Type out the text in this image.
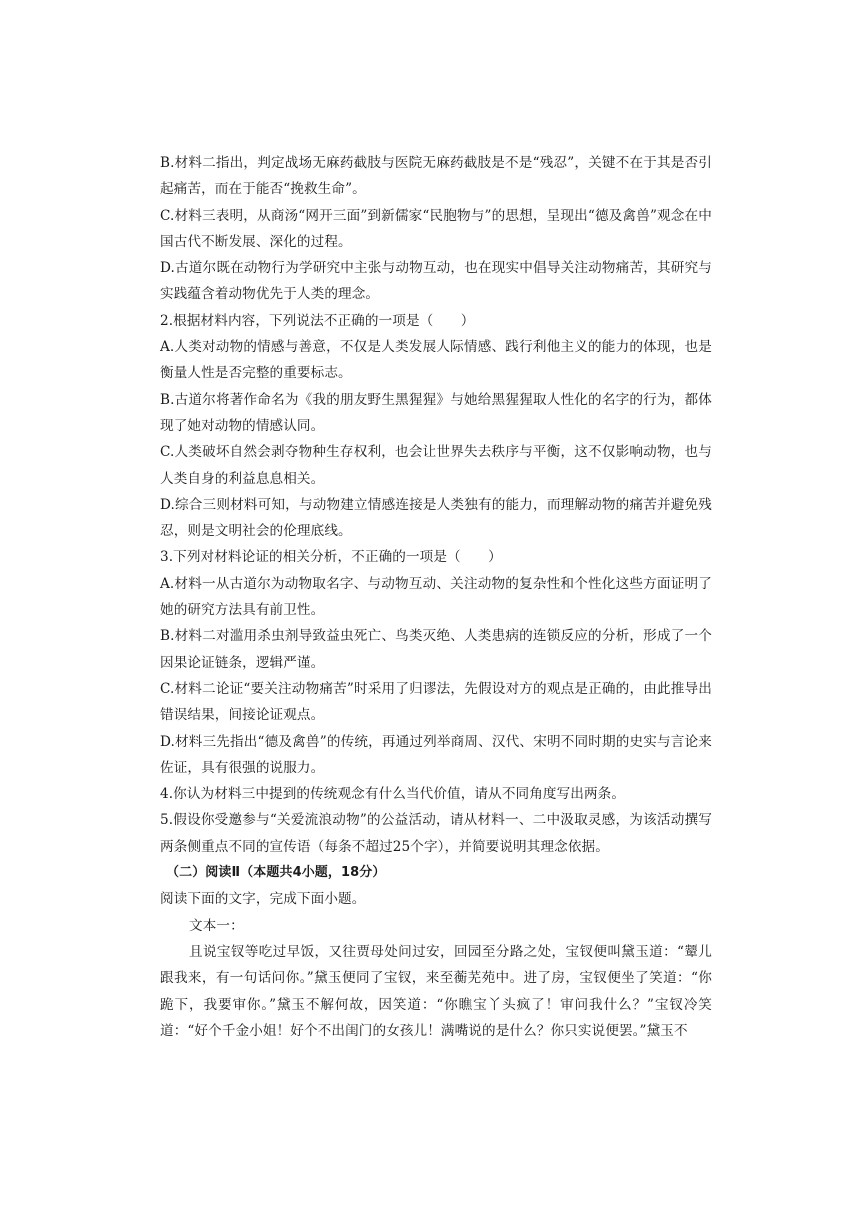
B.材料二指出，判定战场无麻药截肢与医院无麻药截肢是不是“残忍”，关键不在于其是否引起痛苦，而在于能否“挽救生命”。

C.材料三表明，从商汤“网开三面”到新儒家“民胞物与”的思想，呈现出“德及禽兽”观念在中国古代不断发展、深化的过程。

D.古道尔既在动物行为学研究中主张与动物互动，也在现实中倡导关注动物痛苦，其研究与实践蕴含着动物优先于人类的理念。

2.根据材料内容，下列说法不正确的一项是（　　）

A.人类对动物的情感与善意，不仅是人类发展人际情感、践行利他主义的能力的体现，也是衡量人性是否完整的重要标志。

B.古道尔将著作命名为《我的朋友野生黑猩猩》与她给黑猩猩取人性化的名字的行为，都体现了她对动物的情感认同。

C.人类破坏自然会剥夺物种生存权利，也会让世界失去秩序与平衡，这不仅影响动物，也与人类自身的利益息息相关。

D.综合三则材料可知，与动物建立情感连接是人类独有的能力，而理解动物的痛苦并避免残忍，则是文明社会的伦理底线。

3.下列对材料论证的相关分析，不正确的一项是（　　）

A.材料一从古道尔为动物取名字、与动物互动、关注动物的复杂性和个性化这些方面证明了她的研究方法具有前卫性。

B.材料二对滥用杀虫剂导致益虫死亡、鸟类灭绝、人类患病的连锁反应的分析，形成了一个因果论证链条，逻辑严谨。

C.材料二论证“要关注动物痛苦”时采用了归谬法，先假设对方的观点是正确的，由此推导出错误结果，间接论证观点。

D.材料三先指出“德及禽兽”的传统，再通过列举商周、汉代、宋明不同时期的史实与言论来佐证，具有很强的说服力。

4.你认为材料三中提到的传统观念有什么当代价值，请从不同角度写出两条。

5.假设你受邀参与“关爱流浪动物”的公益活动，请从材料一、二中汲取灵感，为该活动撰写两条侧重点不同的宣传语（每条不超过25个字），并简要说明其理念依据。

（二）阅读Ⅱ（本题共4小题，18分）

阅读下面的文字，完成下面小题。

文本一：

且说宝钗等吃过早饭，又往贾母处问过安，回园至分路之处，宝钗便叫黛玉道：“颦儿跟我来，有一句话问你。”黛玉便同了宝钗，来至蘅芜苑中。进了房，宝钗便坐了笑道：“你跪下，我要审你。”黛玉不解何故，因笑道：“你瞧宝丫头疯了！审问我什么？”宝钗冷笑道：“好个千金小姐！好个不出闺门的女孩儿！满嘴说的是什么？你只实说便罢。”黛玉不
